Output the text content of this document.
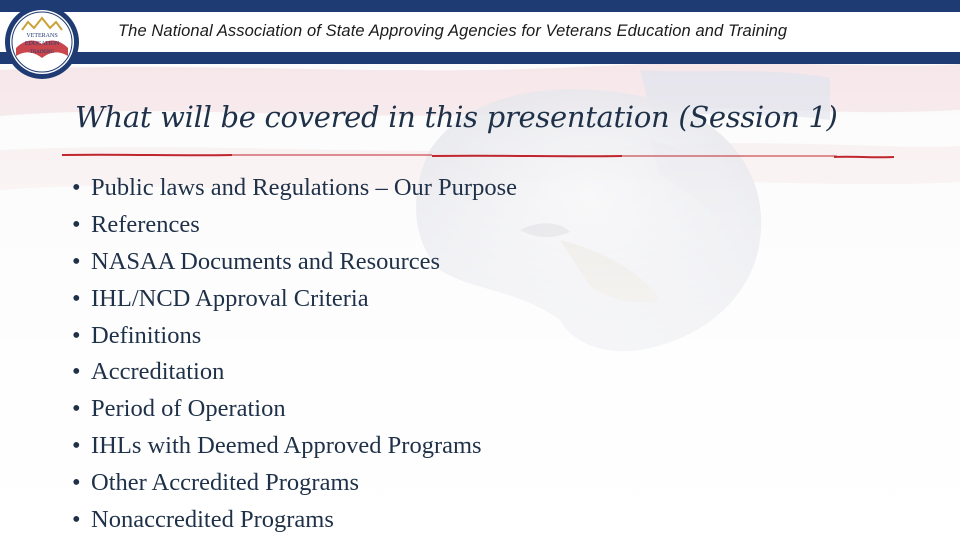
The National Association of State Approving Agencies for Veterans Education and Training
VETERANS
EDUCATION
TRAINING
What will be covered in this presentation (Session 1)
• Public laws and Regulations – Our Purpose
• References
• NASAA Documents and Resources
• IHL/NCD Approval Criteria
• Definitions
• Accreditation
• Period of Operation
• IHLs with Deemed Approved Programs
• Other Accredited Programs
• Nonaccredited Programs
